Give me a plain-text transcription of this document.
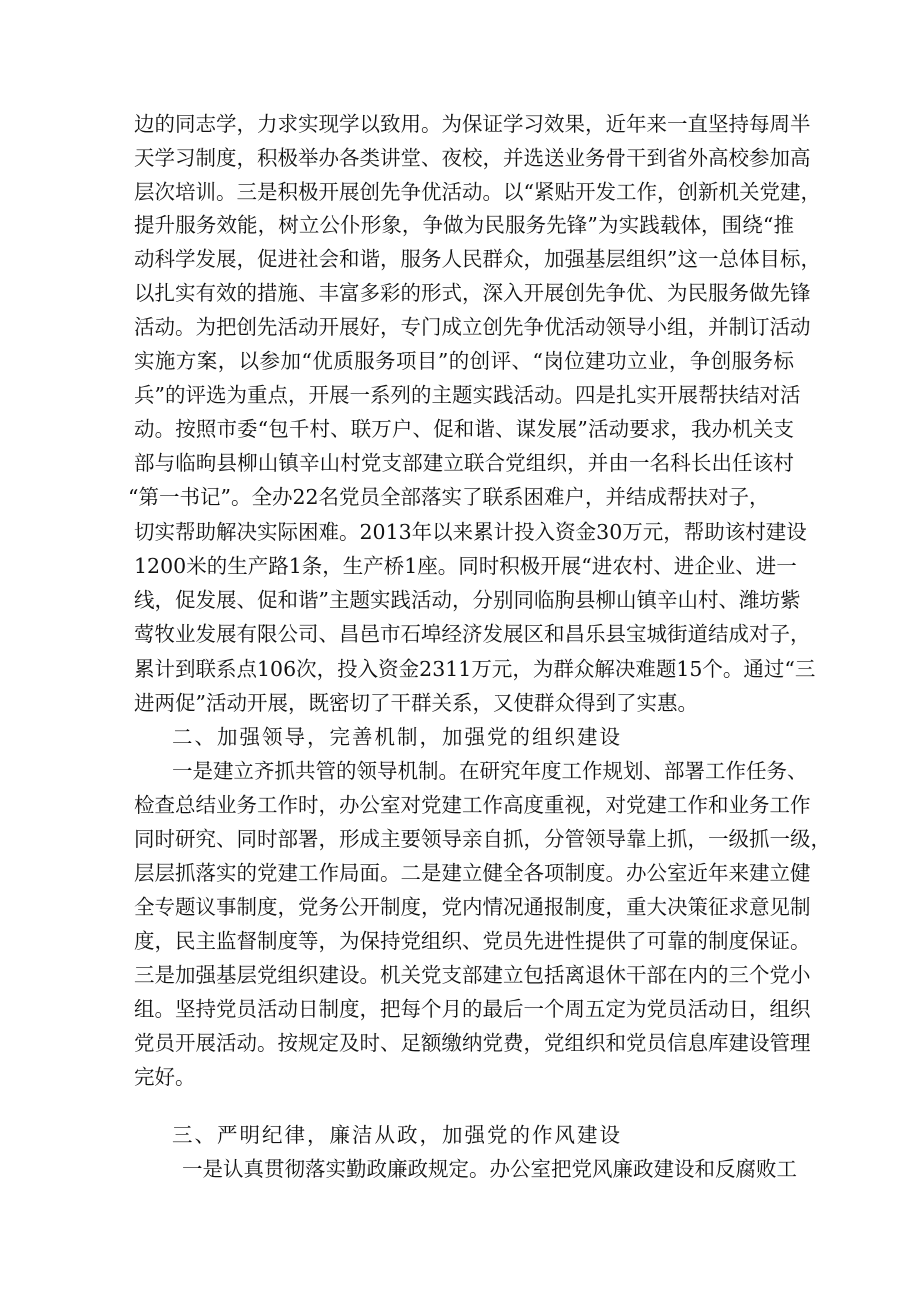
边 的 同 志 学 ， 力 求 实 现 学 以 致 用 。 为 保 证 学 习 效 果 ， 近 年 来 一 直 坚 持 每 周 半
天 学 习 制 度 ， 积 极 举 办 各 类 讲 堂 、 夜 校 ， 并 选 送 业 务 骨 干 到 省 外 高 校 参 加 高
层 次 培 训 。 三 是 积 极 开 展 创 先 争 优 活 动 。 以 “ 紧 贴 开 发 工 作 ， 创 新 机 关 党 建 ，
提 升 服 务 效 能 ， 树 立 公 仆 形 象 ， 争 做 为 民 服 务 先 锋 ” 为 实 践 载 体 ， 围 绕 “ 推
动 科 学 发 展 ， 促 进 社 会 和 谐 ， 服 务 人 民 群 众 ， 加 强 基 层 组 织 ” 这 一 总 体 目 标 ，
以 扎 实 有 效 的 措 施 、 丰 富 多 彩 的 形 式 ， 深 入 开 展 创 先 争 优 、 为 民 服 务 做 先 锋
活 动 。 为 把 创 先 活 动 开 展 好 ， 专 门 成 立 创 先 争 优 活 动 领 导 小 组 ， 并 制 订 活 动
实 施 方 案 ， 以 参 加 “ 优 质 服 务 项 目 ” 的 创 评 、 “ 岗 位 建 功 立 业 ， 争 创 服 务 标
兵 ” 的 评 选 为 重 点 ， 开 展 一 系 列 的 主 题 实 践 活 动 。 四 是 扎 实 开 展 帮 扶 结 对 活
动 。 按 照 市 委 “ 包 千 村 、 联 万 户 、 促 和 谐 、 谋 发 展 ” 活 动 要 求 ， 我 办 机 关 支
部 与 临 昫 县 柳 山 镇 辛 山 村 党 支 部 建 立 联 合 党 组 织 ， 并 由 一 名 科 长 出 任 该 村
“第一书记”。全办22名党员全部落实了联系困难户，并结成帮扶对子，
切实帮助解决实际困难。2013年以来累计投入资金30万元，帮助该村建设
1 2 0 0 米 的 生 产 路 1 条 ， 生 产 桥 1 座 。 同 时 积 极 开 展 “ 进 农 村 、 进 企 业 、 进 一
线 ， 促 发 展 、 促 和 谐 ” 主 题 实 践 活 动 ， 分 别 同 临 朐 县 柳 山 镇 辛 山 村 、 潍 坊 紫
莺 牧 业 发 展 有 限 公 司 、 昌 邑 市 石 埠 经 济 发 展 区 和 昌 乐 县 宝 城 街 道 结 成 对 子 ，
累 计 到 联 系 点 1 0 6 次 ， 投 入 资 金 2 3 1 1 万 元 ， 为 群 众 解 决 难 题 1 5 个 。 通 过 “ 三
进两促”活动开展，既密切了干群关系，又使群众得到了实惠。
二、加强领导，完善机制，加强党的组织建设
一 是 建 立 齐 抓 共 管 的 领 导 机 制 。 在 研 究 年 度 工 作 规 划 、 部 署 工 作 任 务 、
检 查 总 结 业 务 工 作 时 ， 办 公 室 对 党 建 工 作 高 度 重 视 ， 对 党 建 工 作 和 业 务 工 作
同 时 研 究 、 同 时 部 署 ， 形 成 主 要 领 导 亲 自 抓 ， 分 管 领 导 靠 上 抓 ， 一 级 抓 一 级 ，
层 层 抓 落 实 的 党 建 工 作 局 面 。 二 是 建 立 健 全 各 项 制 度 。 办 公 室 近 年 来 建 立 健
全 专 题 议 事 制 度 ， 党 务 公 开 制 度 ， 党 内 情 况 通 报 制 度 ， 重 大 决 策 征 求 意 见 制
度 ， 民 主 监 督 制 度 等 ， 为 保 持 党 组 织 、 党 员 先 进 性 提 供 了 可 靠 的 制 度 保 证 。
三 是 加 强 基 层 党 组 织 建 设 。 机 关 党 支 部 建 立 包 括 离 退 休 干 部 在 内 的 三 个 党 小
组 。 坚 持 党 员 活 动 日 制 度 ， 把 每 个 月 的 最 后 一 个 周 五 定 为 党 员 活 动 日 ， 组 织
党 员 开 展 活 动 。 按 规 定 及 时 、 足 额 缴 纳 党 费 ， 党 组 织 和 党 员 信 息 库 建 设 管 理
完好。
三、严明纪律，廉洁从政，加强党的作风建设
一是认真贯彻落实勤政廉政规定。办公室把党风廉政建设和反腐败工
